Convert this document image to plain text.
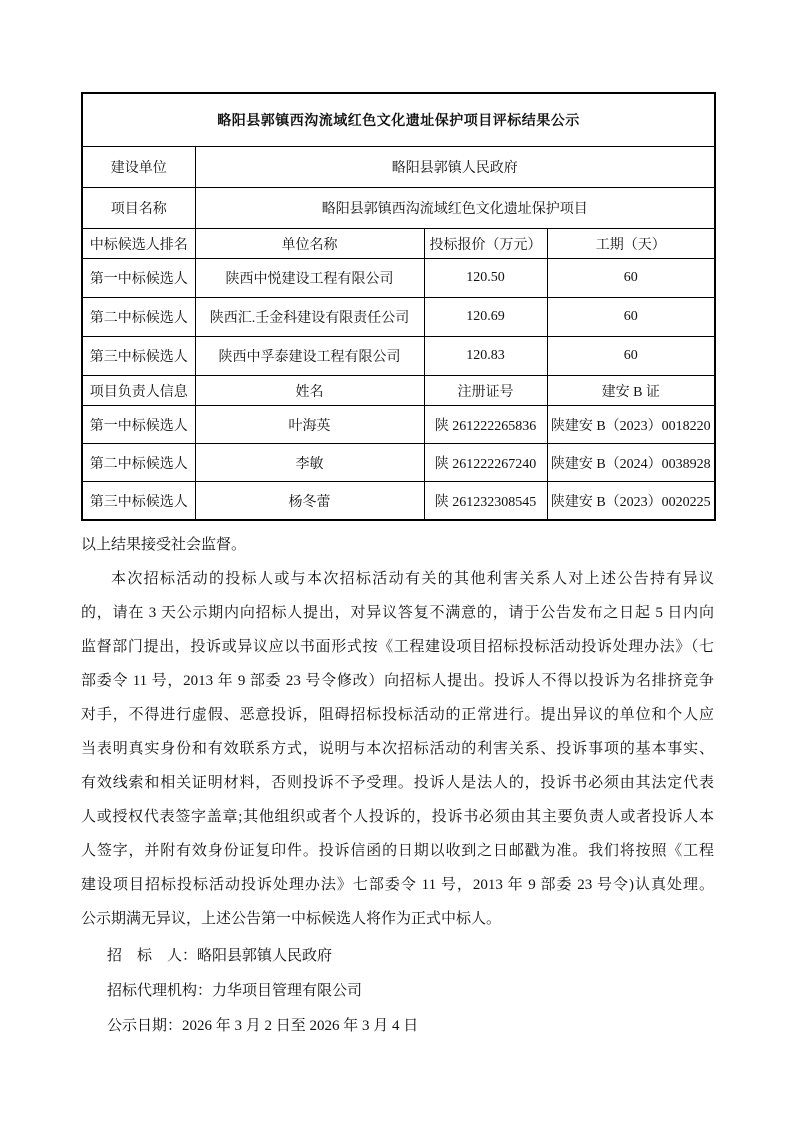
略阳县郭镇西沟流域红色文化遗址保护项目评标结果公示			
建设单位	略阳县郭镇人民政府		
项目名称	略阳县郭镇西沟流域红色文化遗址保护项目		
中标候选人排名	单位名称	投标报价（万元）	工期（天）
第一中标候选人	陕西中悦建设工程有限公司	120.50	60
第二中标候选人	陕西汇.壬金科建设有限责任公司	120.69	60
第三中标候选人	陕西中孚泰建设工程有限公司	120.83	60
项目负责人信息	姓名	注册证号	建安 B 证
第一中标候选人	叶海英	陕 261222265836	陕建安 B（2023）0018220
第二中标候选人	李敏	陕 261222267240	陕建安 B（2024）0038928
第三中标候选人	杨冬蕾	陕 261232308545	陕建安 B（2023）0020225
以上结果接受社会监督。
本次招标活动的投标人或与本次招标活动有关的其他利害关系人对上述公告持有异议
的，请在 3 天公示期内向招标人提出，对异议答复不满意的，请于公告发布之日起 5 日内向
监督部门提出，投诉或异议应以书面形式按《工程建设项目招标投标活动投诉处理办法》（七
部委令 11 号，2013 年 9 部委 23 号令修改）向招标人提出。投诉人不得以投诉为名排挤竞争
对手，不得进行虚假、恶意投诉，阻碍招标投标活动的正常进行。提出异议的单位和个人应
当表明真实身份和有效联系方式，说明与本次招标活动的利害关系、投诉事项的基本事实、
有效线索和相关证明材料，否则投诉不予受理。投诉人是法人的，投诉书必须由其法定代表
人或授权代表签字盖章;其他组织或者个人投诉的，投诉书必须由其主要负责人或者投诉人本
人签字，并附有效身份证复印件。投诉信函的日期以收到之日邮戳为准。我们将按照《工程
建设项目招标投标活动投诉处理办法》七部委令 11 号，2013 年 9 部委 23 号令)认真处理。
公示期满无异议，上述公告第一中标候选人将作为正式中标人。
招　标　人：略阳县郭镇人民政府
招标代理机构：力华项目管理有限公司
公示日期：2026 年 3 月 2 日至 2026 年 3 月 4 日
